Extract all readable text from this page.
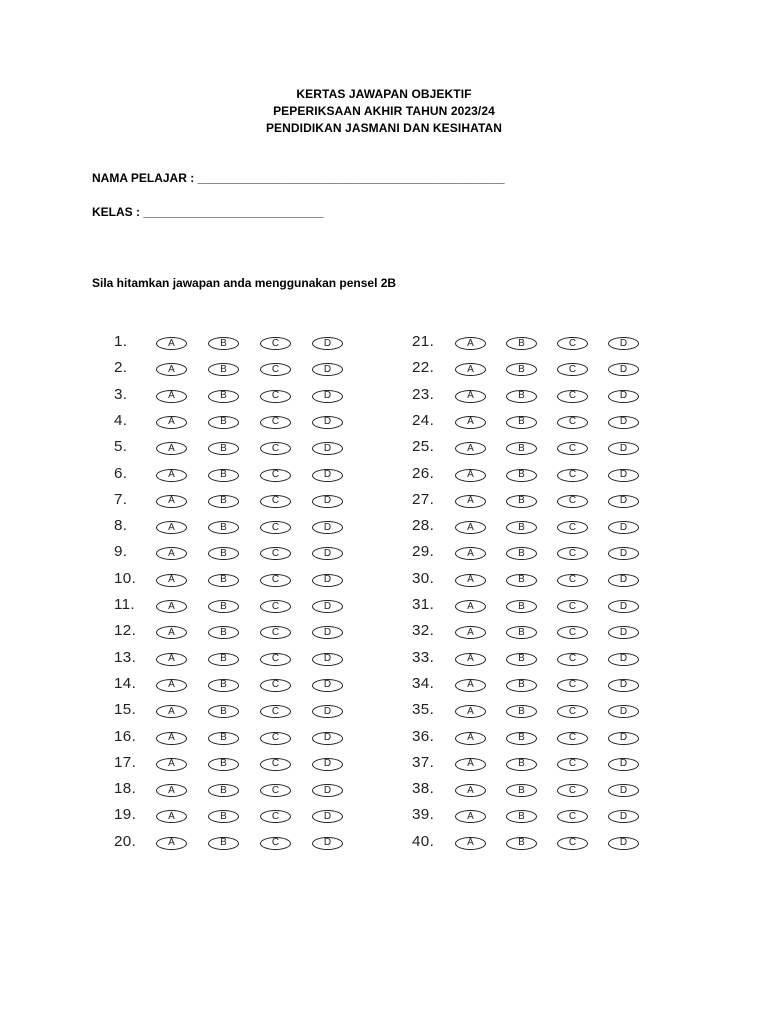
KERTAS JAWAPAN OBJEKTIF
PEPERIKSAAN AKHIR TAHUN 2023/24
PENDIDIKAN JASMANI DAN KESIHATAN
NAMA PELAJAR : ______________________________________________
KELAS : ___________________________
Sila hitamkan jawapan anda menggunakan pensel 2B
1.	A	B	C	D
2.	A	B	C	D
3.	A	B	C	D
4.	A	B	C	D
5.	A	B	C	D
6.	A	B	C	D
7.	A	B	C	D
8.	A	B	C	D
9.	A	B	C	D
10.	A	B	C	D
11.	A	B	C	D
12.	A	B	C	D
13.	A	B	C	D
14.	A	B	C	D
15.	A	B	C	D
16.	A	B	C	D
17.	A	B	C	D
18.	A	B	C	D
19.	A	B	C	D
20.	A	B	C	D
21.	A	B	C	D
22.	A	B	C	D
23.	A	B	C	D
24.	A	B	C	D
25.	A	B	C	D
26.	A	B	C	D
27.	A	B	C	D
28.	A	B	C	D
29.	A	B	C	D
30.	A	B	C	D
31.	A	B	C	D
32.	A	B	C	D
33.	A	B	C	D
34.	A	B	C	D
35.	A	B	C	D
36.	A	B	C	D
37.	A	B	C	D
38.	A	B	C	D
39.	A	B	C	D
40.	A	B	C	D
